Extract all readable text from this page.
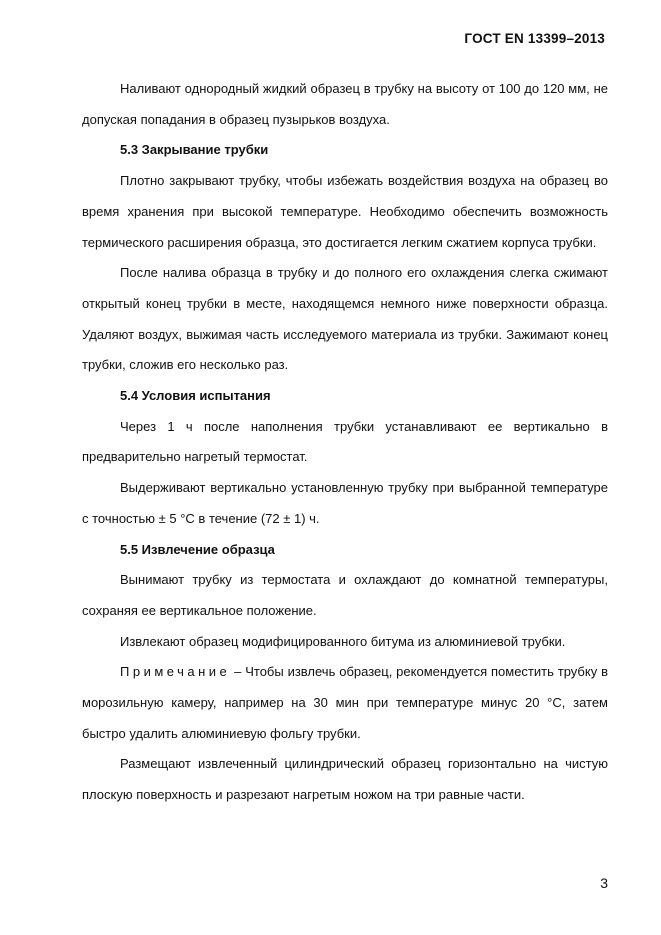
ГОСТ EN 13399–2013

Наливают однородный жидкий образец в трубку на высоту от 100 до 120 мм, не допуская попадания в образец пузырьков воздуха.

5.3 Закрывание трубки

Плотно закрывают трубку, чтобы избежать воздействия воздуха на образец во время хранения при высокой температуре. Необходимо обеспечить возможность термического расширения образца, это достигается легким сжатием корпуса трубки.

После налива образца в трубку и до полного его охлаждения слегка сжимают открытый конец трубки в месте, находящемся немного ниже поверхности образца. Удаляют воздух, выжимая часть исследуемого материала из трубки. Зажимают конец трубки, сложив его несколько раз.

5.4 Условия испытания

Через 1 ч после наполнения трубки устанавливают ее вертикально в предварительно нагретый термостат.

Выдерживают вертикально установленную трубку при выбранной температуре с точностью ± 5 °С в течение (72 ± 1) ч.

5.5 Извлечение образца

Вынимают трубку из термостата и охлаждают до комнатной температуры, сохраняя ее вертикальное положение.

Извлекают образец модифицированного битума из алюминиевой трубки.

Примечание – Чтобы извлечь образец, рекомендуется поместить трубку в морозильную камеру, например на 30 мин при температуре минус 20 °С, затем быстро удалить алюминиевую фольгу трубки.

Размещают извлеченный цилиндрический образец горизонтально на чистую плоскую поверхность и разрезают нагретым ножом на три равные части.

3
